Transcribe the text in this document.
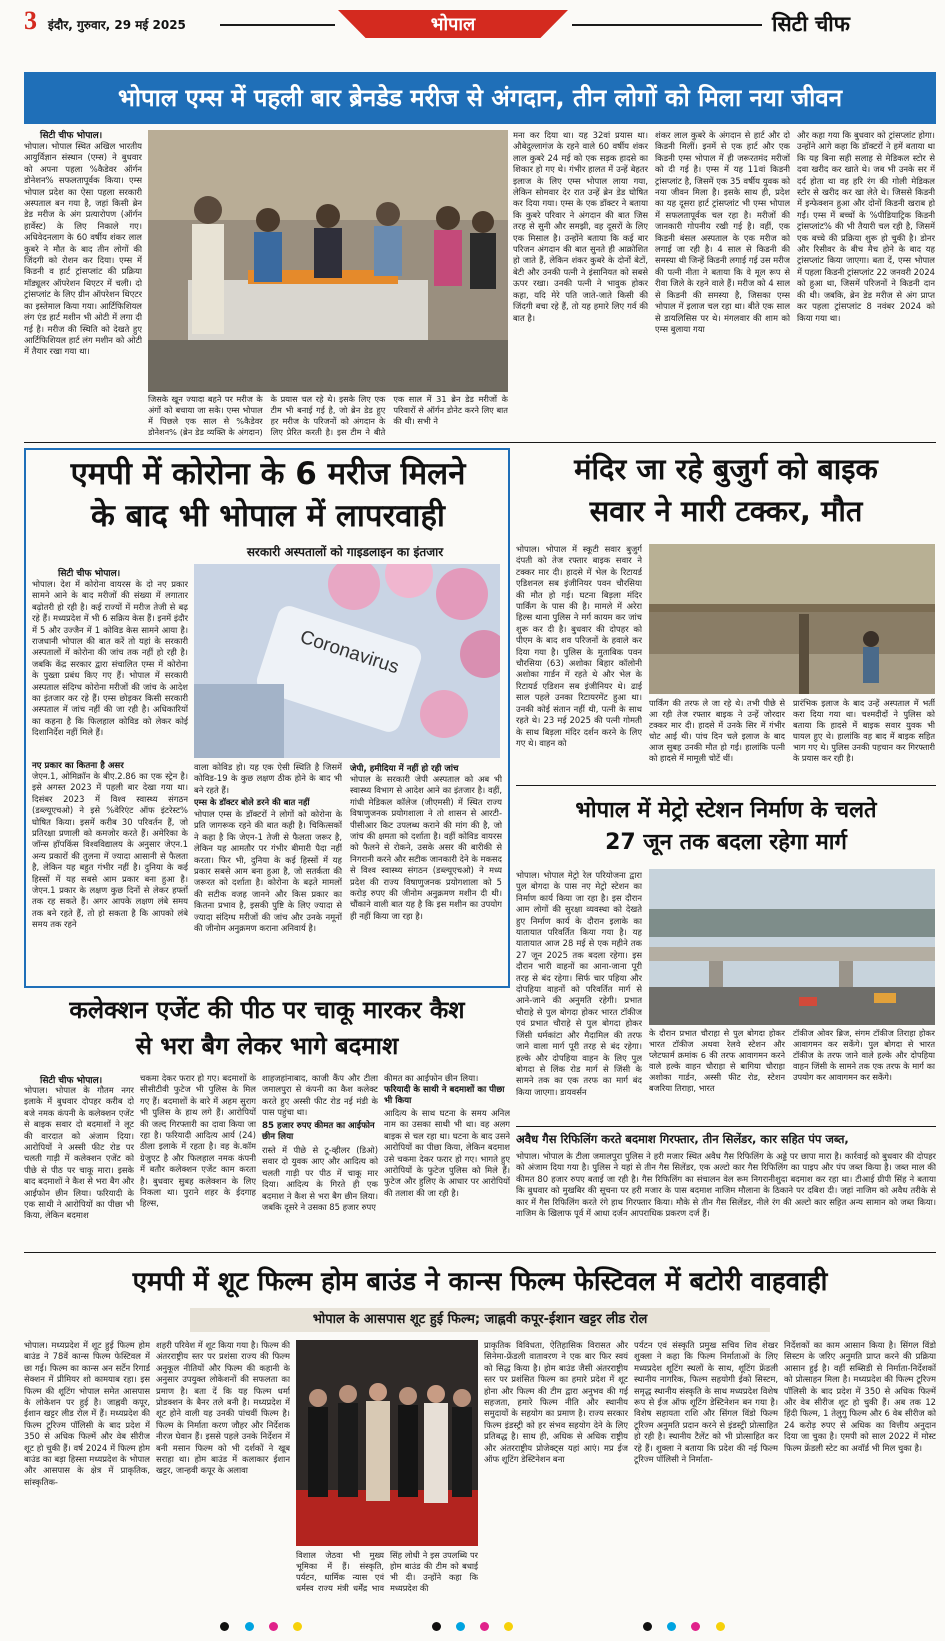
3 इंदौर, गुरुवार, 29 मई 2025	भोपाल	सिटी चीफ
भोपाल एम्स में पहली बार ब्रेनडेड मरीज से अंगदान, तीन लोगों को मिला नया जीवन
सिटी चीफ भोपाल।
भोपाल। भोपाल स्थित अखिल भारतीय आयुर्विज्ञान संस्थान (एम्स) ने बुधवार को अपना पहला %कैडेवर ऑर्गन डोनेशन% सफलतापूर्वक किया। एम्स भोपाल प्रदेश का ऐसा पहला सरकारी अस्पताल बन गया है, जहां किसी ब्रेन डेड मरीज के अंग प्रत्यारोपण (ऑर्गन हार्वेस्ट) के लिए निकाले गए। अधिवेदनलाग के 60 वर्षीय शंकर लाल कुबरे ने मौत के बाद तीन लोगों की जिंदगी को रोशन कर दिया। एम्स में किडनी व हार्ट ट्रांसप्लांट की प्रक्रिया मॉड्यूलर ऑपरेशन थिएटर में चली। दो ट्रांसप्लांट के लिए ग्रीन ऑपरेशन थिएटर का इस्तेमाल किया गया। आर्टिफिशियल लंग एंड हार्ट मशीन भी ओटी में लगा दी गई है। मरीज की स्थिति को देखते हुए आर्टिफिशियल हार्ट लंग मशीन को ओटी में तैयार रखा गया था।
जिसके खून ज्यादा बहने पर मरीज के अंगों को बचाया जा सके। एम्स भोपाल में पिछले एक साल से %कैडेवर डोनेशन% (ब्रेन डेड व्यक्ति के अंगदान) के प्रयास चल रहे थे। इसके लिए एक टीम भी बनाई गई है, जो ब्रेन डेड हुए हर मरीज के परिजनों को अंगदान के लिए प्रेरित करती है। इस टीम ने बीते एक साल में 31 ब्रेन डेड मरीजों के परिवारों से ऑर्गन डोनेट करने लिए बात की थी। सभी ने
मना कर दिया था। यह 32वां प्रयास था। औबेदुल्लागंज के रहने वाले 60 वर्षीय शंकर लाल कुबरे 24 मई को एक सड़क हादसे का शिकार हो गए थे। गंभीर हालत में उन्हें बेहतर इलाज के लिए एम्स भोपाल लाया गया, लेकिन सोमवार देर रात उन्हें ब्रेन डेड घोषित कर दिया गया। एम्स के एक डॉक्टर ने बताया कि कुबरे परिवार ने अंगदान की बात जिस तरह से सुनी और समझी, वह दूसरों के लिए एक मिसाल है। उन्होंने बताया कि कई बार परिजन अंगदान की बात सुनते ही आक्रोशित हो जाते हैं, लेकिन शंकर कुबरे के दोनों बेटों, बेटी और उनकी पत्नी ने इंसानियत को सबसे ऊपर रखा। उनकी पत्नी ने भावुक होकर कहा, यदि मेरे पति जाते-जाते किसी की जिंदगी बचा रहे हैं, तो यह हमारे लिए गर्व की बात है।
शंकर लाल कुबरे के अंगदान से हार्ट और दो किडनी मिलीं। इनमें से एक हार्ट और एक किडनी एम्स भोपाल में ही जरूरतमंद मरीजों को दी गई है। एम्स में यह 11वां किडनी ट्रांसप्लांट है, जिसमें एक 35 वर्षीय युवक को नया जीवन मिला है। इसके साथ ही, प्रदेश का यह दूसरा हार्ट ट्रांसप्लांट भी एम्स भोपाल में सफलतापूर्वक चल रहा है। मरीजों की जानकारी गोपनीय रखी गई है। वहीं, एक किडनी बंसल अस्पताल के एक मरीज को लगाई जा रही है। 4 साल से किडनी की समस्या थी जिन्हें किडनी लगाई गई उस मरीज की पत्नी नीता ने बताया कि वे मूल रूप से रीवा जिले के रहने वाले हैं। मरीज को 4 साल से किडनी की समस्या है, जिसका एम्स भोपाल में इलाज चल रहा था। बीते एक साल से डायलिसिस पर थे। मंगलवार की शाम को एम्स बुलाया गया
और कहा गया कि बुधवार को ट्रांसप्लांट होगा। उन्होंने आगे कहा कि डॉक्टरों ने हमें बताया था कि यह बिना सही सलाह से मेडिकल स्टोर से दवा खरीद कर खाते थे। जब भी उनके सर में दर्द होता था वह हरि रंग की गोली मेडिकल स्टोर से खरीद कर खा लेते थे। जिससे किडनी में इन्फेक्शन हुआ और दोनों किडनी खराब हो गईं। एम्स में बच्चों के %पीडियाट्रिक किडनी ट्रांसप्लांट% की भी तैयारी चल रही है, जिसमें एक बच्चे की प्रक्रिया शुरू हो चुकी है। डोनर और रिसीवर के बीच मैच होने के बाद यह ट्रांसप्लांट किया जाएगा। बता दें, एम्स भोपाल में पहला किडनी ट्रांसप्लांट 22 जनवरी 2024 को हुआ था, जिसमें परिजनों ने किडनी दान की थी। जबकि, ब्रेन डेड मरीज से अंग प्राप्त कर पहला ट्रांसप्लांट 8 नवंबर 2024 को किया गया था।
एमपी में कोरोना के 6 मरीज मिलने
के बाद भी भोपाल में लापरवाही
सरकारी अस्पतालों को गाइडलाइन का इंतजार
सिटी चीफ भोपाल।
भोपाल। देश में कोरोना वायरस के दो नए प्रकार सामने आने के बाद मरीजों की संख्या में लगातार बढ़ोतरी हो रही है। कई राज्यों में मरीज तेजी से बढ़ रहे हैं। मध्यप्रदेश में भी 6 सक्रिय केस हैं। इनमें इंदौर में 5 और उज्जैन में 1 कोविड केस सामने आया है। राजधानी भोपाल की बात करें तो यहां के सरकारी अस्पतालों में कोरोना की जांच तक नहीं हो रही है। जबकि केंद्र सरकार द्वारा संचालित एम्स में कोरोना के पुख्ता प्रबंध किए गए हैं। भोपाल में सरकारी अस्पताल संदिग्ध कोरोना मरीजों की जांच के आदेश का इंतजार कर रहे हैं। एम्स छोड़कर किसी सरकारी अस्पताल में जांच नहीं की जा रही है। अधिकारियों का कहना है कि फिलहाल कोविड को लेकर कोई दिशानिर्देश नहीं मिले हैं।
Coronavirus
नए प्रकार का कितना है असर
जेएन.1, ओमिक्रॉन के बीए.2.86 का एक स्ट्रेन है। इसे अगस्त 2023 में पहली बार देखा गया था। दिसंबर 2023 में विश्व स्वास्थ्य संगठन (डब्ल्यूएचओ) ने इसे %वेरिएंट ऑफ इंटरेस्ट% घोषित किया। इसमें करीब 30 परिवर्तन हैं, जो प्रतिरक्षा प्रणाली को कमजोर करते हैं। अमेरिका के जॉन्स हॉपकिंस विश्वविद्यालय के अनुसार जेएन.1 अन्य प्रकारों की तुलना में ज्यादा आसानी से फैलता है, लेकिन यह बहुत गंभीर नहीं है। दुनिया के कई हिस्सों में यह सबसे आम प्रकार बना हुआ है। जेएन.1 प्रकार के लक्षण कुछ दिनों से लेकर हफ्तों तक रह सकते हैं। अगर आपके लक्षण लंबे समय तक बने रहते हैं, तो हो सकता है कि आपको लंबे समय तक रहने
वाला कोविड हो। यह एक ऐसी स्थिति है जिसमें कोविड-19 के कुछ लक्षण ठीक होने के बाद भी बने रहते हैं।
एम्स के डॉक्टर बोले डरने की बात नहीं
भोपाल एम्स के डॉक्टरों ने लोगों को कोरोना के प्रति जागरूक रहने की बात कही है। चिकित्सकों ने कहा है कि जेएन-1 तेजी से फैलता जरूर है, लेकिन यह आमतौर पर गंभीर बीमारी पैदा नहीं करता। फिर भी, दुनिया के कई हिस्सों में यह प्रकार सबसे आम बना हुआ है, जो सतर्कता की जरूरत को दर्शाता है। कोरोना के बढ़ते मामलों की सटीक वजह जानने और किस प्रकार का कितना प्रभाव है, इसकी पुष्टि के लिए ज्यादा से ज्यादा संदिग्ध मरीजों की जांच और उनके नमूनों की जीनोम अनुक्रमण कराना अनिवार्य है।
जेपी, हमीदिया में नहीं हो रही जांच
भोपाल के सरकारी जेपी अस्पताल को अब भी स्वास्थ्य विभाग से आदेश आने का इंतजार है। वहीं, गांधी मेडिकल कॉलेज (जीएमसी) में स्थित राज्य विषाणुजनक प्रयोगशाला ने तो शासन से आरटी-पीसीआर किट उपलब्ध कराने की मांग की है, जो जांच की क्षमता को दर्शाता है। वहीं कोविड वायरस को फैलने से रोकने, उसके असर की बारीकी से निगरानी करने और सटीक जानकारी देने के मकसद से विश्व स्वास्थ्य संगठन (डब्ल्यूएचओ) ने मध्य प्रदेश की राज्य विषाणुजनक प्रयोगशाला को 5 करोड़ रुपए की जीनोम अनुक्रमण मशीन दी थी। चौंकाने वाली बात यह है कि इस मशीन का उपयोग ही नहीं किया जा रहा है।
मंदिर जा रहे बुजुर्ग को बाइक
सवार ने मारी टक्कर, मौत
भोपाल। भोपाल में स्कूटी सवार बुजुर्ग दंपती को तेज रफ्तार बाइक सवार ने टक्कर मार दी। हादसे में भेल के रिटायर्ड एडिशनल सब इंजीनियर पवन चौरसिया की मौत हो गई। घटना बिड़ला मंदिर पार्किंग के पास की है। मामले में अरेरा हिल्स थाना पुलिस ने मर्ग कायम कर जांच शुरू कर दी है। बुधवार की दोपहर को पीएम के बाद शव परिजनों के हवाले कर दिया गया है। पुलिस के मुताबिक पवन चौरसिया (63) अशोका बिहार कॉलोनी अशोका गार्डन में रहते थे और भेल के रिटायर्ड एडिशन सब इंजीनियर थे। ढाई साल पहले उनका रिटायरमेंट हुआ था। उनकी कोई संतान नहीं थी, पत्नी के साथ रहते थे। 23 मई 2025 की पत्नी गोमती के साथ बिड़ला मंदिर दर्शन करने के लिए गए थे। वाहन को
पार्किंग की तरफ ले जा रहे थे। तभी पीछे से आ रही तेज रफ्तार बाइक ने उन्हें जोरदार टक्कर मार दी। हादसे में उनके सिर में गंभीर चोट आई थी। पांच दिन चले इलाज के बाद आज सुबह उनकी मौत हो गई। हालांकि पत्नी को हादसे में मामूली चोटें थीं।
प्रारंभिक इलाज के बाद उन्हें अस्पताल में भर्ती करा दिया गया था। चश्मदीदों ने पुलिस को बताया कि हादसे में बाइक सवार युवक भी घायल हुए थे। हालांकि वह बाद में बाइक सहित भाग गए थे। पुलिस उनकी पहचान कर गिरफ्तारी के प्रयास कर रही है।
भोपाल में मेट्रो स्टेशन निर्माण के चलते
27 जून तक बदला रहेगा मार्ग
भोपाल। भोपाल मेट्रो रेल परियोजना द्वारा पुल बोगदा के पास नए मेट्रो स्टेशन का निर्माण कार्य किया जा रहा है। इस दौरान आम लोगों की सुरक्षा व्यवस्था को देखते हुए निर्माण कार्य के दौरान इलाके का यातायात परिवर्तित किया गया है। यह यातायात आज 28 मई से एक महीने तक 27 जून 2025 तक बदला रहेगा। इस दौरान भारी वाहनों का आना-जाना पूरी तरह से बंद रहेगा। सिर्फ चार पहिया और दोपहिया वाहनों को परिवर्तित मार्ग से आने-जाने की अनुमति रहेगी। प्रभात चौराहे से पुल बोगदा होकर भारत टॉकीज एवं प्रभात चौराहे से पुल बोगदा होकर जिंसी धर्मकांटा और मैदामिल की तरफ जाने वाला मार्ग पूरी तरह से बंद रहेगा। हल्के और दोपहिया वाहन के लिए पुल बोगदा से लिंक रोड मार्ग से जिंसी के सामने तक का एक तरफ का मार्ग बंद किया जाएगा। डायवर्सन
के दौरान प्रभात चौराहा से पुल बोगदा होकर भारत टॉकीज अथवा रेलवे स्टेशन और प्लेटफार्म क्रमांक 6 की तरफ आवागमन करने वाले हल्के वाहन चौराहा से बागिया चौराहा अशोका गार्डन, अस्सी फीट रोड, स्टेशन बजरिया तिराहा, भारत
टॉकीज ओवर ब्रिज, संगम टॉकीज तिराहा होकर आवागमन कर सकेंगे। पुल बोगदा से भारत टॉकीज के तरफ जाने वाले हल्के और दोपहिया वाहन जिंसी के सामने तक एक तरफ के मार्ग का उपयोग कर आवागमन कर सकेंगे।
अवैध गैस रिफिलिंग करते बदमाश गिरफ्तार, तीन सिलेंडर, कार सहित पंप जब्त,
भोपाल। भोपाल के टीला जमालपुरा पुलिस ने हरी मजार स्थित अवैध गैस रिफिलिंग के अड्डे पर छापा मारा है। कार्रवाई को बुधवार की दोपहर को अंजाम दिया गया है। पुलिस ने यहां से तीन गैस सिलेंडर, एक अल्टो कार गैस रिफिलिंग का पाइप और पंप जब्त किया है। जब्त माल की कीमत 80 हजार रुपए बताई जा रही है। गैस रिफिलिंग का संचालन वेल रूम निगरानीशुदा बदमाश कर रहा था। टीआई ग्रीपी सिंह ने बताया कि बुधवार को मुखबिर की सूचना पर हरी मजार के पास बदमाश नाजिम मौलाना के ठिकाने पर दबिश दी। जहां नाजिम को अवैध तरीके से कार में गैस रिफिलिंग करते रंगे हाथ गिरफ्तार किया। मौके से तीन गैस सिलेंडर, नीले रंग की अल्टो कार सहित अन्य सामान को जब्त किया। नाजिम के खिलाफ पूर्व में आधा दर्जन आपराधिक प्रकरण दर्ज हैं।
कलेक्शन एजेंट की पीठ पर चाकू मारकर कैश
से भरा बैग लेकर भागे बदमाश
सिटी चीफ भोपाल।
भोपाल। भोपाल के गौतम नगर इलाके में बुधवार दोपहर करीब दो बजे नमक कंपनी के कलेक्शन एजेंट से बाइक सवार दो बदमाशों ने लूट की वारदात को अंजाम दिया। आरोपियों ने अस्सी फीट रोड पर चलती गाड़ी में कलेक्शन एजेंट को पीछे से पीठ पर चाकू मारा। इसके बाद बदमाशों ने कैश से भरा बैग और आईफोन छीन लिया। फरियादी के एक साथी ने आरोपियों का पीछा भी किया, लेकिन बदमाश
चकमा देकर फरार हो गए। बदमाशों के सीसीटीवी फुटेज भी पुलिस के मिल गए हैं। बदमाशों के बारे में अहम सुराग भी पुलिस के हाथ लगे हैं। आरोपियों की जल्द गिरफ्तारी का दावा किया जा रहा है। फरियादी आदित्य आर्य (24) ठीला इलाके में रहता है। वह के.कॉम ग्रेजुएट है और फिलहाल नमक कंपनी में बतौर कलेक्शन एजेंट काम करता है। बुधवार सुबह कलेक्शन के लिए निकला था। पुराने शहर के ईदगाह हिल्स,
शाहजहांनाबाद, काजी कैंप और टीला जमालपुरा से कंपनी का कैश कलेक्ट करते हुए अस्सी फीट रोड नई मंडी के पास पहुंचा था।
85 हजार रुपए कीमत का आईफोन छीन लिया
रास्ते में पीछे से टू-व्हीलर (डिओ) सवार दो युवक आए और आदित्य को चलती गाड़ी पर पीठ में चाकू मार दिया। आदित्य के गिरते ही एक बदमाश ने कैश से भरा बैग छीन लिया। जबकि दूसरे ने उसका 85 हजार रुपए
कीमत का आईफोन छीन लिया।
फरियादी के साथी ने बदमाशों का पीछा भी किया
आदित्य के साथ घटना के समय अनिल नाम का उसका साथी भी था। वह अलग बाइक से चल रहा था। घटना के बाद उसने आरोपियों का पीछा किया, लेकिन बदमाश उसे चकमा देकर फरार हो गए। भागते हुए आरोपियों के फुटेज पुलिस को मिले हैं। फुटेज और हुलिए के आधार पर आरोपियों की तलाश की जा रही है।
एमपी में शूट फिल्म होम बाउंड ने कान्स फिल्म फेस्टिवल में बटोरी वाहवाही
भोपाल के आसपास शूट हुई फिल्म; जाह्नवी कपूर-ईशान खट्टर लीड रोल
भोपाल। मध्यप्रदेश में शूट हुई फिल्म होम बाउंड ने 78वें कान्स फिल्म फेस्टिवल में छा गई। फिल्म का कान्स अन सर्टेन रिगार्ड सेक्शन में प्रीमियर शो कामयाब रहा। इस फिल्म की शूटिंग भोपाल समेत आसपास के लोकेशन पर हुई है। जाह्नवी कपूर, ईशान खट्टर लीड रोल में हैं। मध्यप्रदेश की फिल्म टूरिज्म पॉलिसी के बाद प्रदेश में 350 से अधिक फिल्में और वेब सीरीज शूट हो चुकी हैं। वर्ष 2024 में फिल्म होम बाउंड का बड़ा हिस्सा मध्यप्रदेश के भोपाल और आसपास के क्षेत्र में प्राकृतिक, सांस्कृतिक-
शहरी परिवेश में शूट किया गया है। फिल्म की अंतरराष्ट्रीय स्तर पर प्रशंसा राज्य की फिल्म अनुकूल नीतियों और फिल्म की कहानी के अनुसार उपयुक्त लोकेशनों की सफलता का प्रमाण है। बता दें कि यह फिल्म धर्मा प्रोडक्शन के बैनर तले बनी है। मध्यप्रदेश में शूट होने वाली यह उनकी पांचवीं फिल्म है। फिल्म के निर्माता करण जौहर और निर्देशक नीरज घेवान हैं। इससे पहले उनके निर्देशन में बनी मसान फिल्म को भी दर्शकों ने खूब सराहा था। होम बाउंड में कलाकार ईशान खट्टर, जान्हवी कपूर के अलावा
विशाल जेठवा भी मुख्य भूमिका में हैं। संस्कृति, पर्यटन, धार्मिक न्यास एवं धर्मस्व राज्य मंत्री धर्मेंद्र भाव सिंह लोधी ने इस उपलब्धि पर होम बाउंड की टीम को बधाई भी दी। उन्होंने कहा कि मध्यप्रदेश की
प्राकृतिक विविधता, ऐतिहासिक विरासत और सिनेमा-फ्रेंडली वातावरण ने एक बार फिर स्वयं को सिद्ध किया है। होम बाउंड जैसी अंतरराष्ट्रीय स्तर पर प्रशंसित फिल्म का हमारे प्रदेश में शूट होना और फिल्म की टीम द्वारा अनुभव की गई सहजता, हमारे फिल्म नीति और स्थानीय समुदायों के सहयोग का प्रमाण है। राज्य सरकार फिल्म इंडस्ट्री को हर संभव सहयोग देने के लिए प्रतिबद्ध है। साथ ही, अधिक से अधिक राष्ट्रीय और अंतरराष्ट्रीय प्रोजेक्ट्स यहां आएं। मप्र ईज ऑफ शूटिंग डेस्टिनेशन बना
पर्यटन एवं संस्कृति प्रमुख सचिव शिव शेखर शुक्ला ने कहा कि फिल्म निर्माताओं के लिए मध्यप्रदेश शूटिंग स्थलों के साथ, शूटिंग फ्रेंडली स्थानीय नागरिक, फिल्म सहयोगी ईको सिस्टम, समृद्ध स्थानीय संस्कृति के साथ मध्यप्रदेश विशेष रूप से ईज ऑफ शूटिंग डेस्टिनेशन बन गया है। विशेष सहायता राशि और सिंगल विंडो फिल्म टूरिज्म अनुमति प्रदान करने से इंडस्ट्री प्रोत्साहित हो रही है। स्थानीय टैलेंट को भी प्रोत्साहित कर रहे हैं। शुक्ला ने बताया कि प्रदेश की नई फिल्म टूरिज्म पॉलिसी ने निर्माता-
निर्देशकों का काम आसान किया है। सिंगल विंडो सिस्टम के जरिए अनुमति प्राप्त करने की प्रक्रिया आसान हुई है। वहीं सब्सिडी से निर्माता-निर्देशकों को प्रोत्साहन मिला है। मध्यप्रदेश की फिल्म टूरिज्म पॉलिसी के बाद प्रदेश में 350 से अधिक फिल्में और वेब सीरीज शूट हो चुकी हैं। अब तक 12 हिंदी फिल्म, 1 तेलुगु फिल्म और 6 वेब सीरीज को 24 करोड़ रुपए से अधिक का वित्तीय अनुदान दिया जा चुका है। एमपी को साल 2022 में मोस्ट फिल्म फ्रेंडली स्टेट का अवॉर्ड भी मिल चुका है।
